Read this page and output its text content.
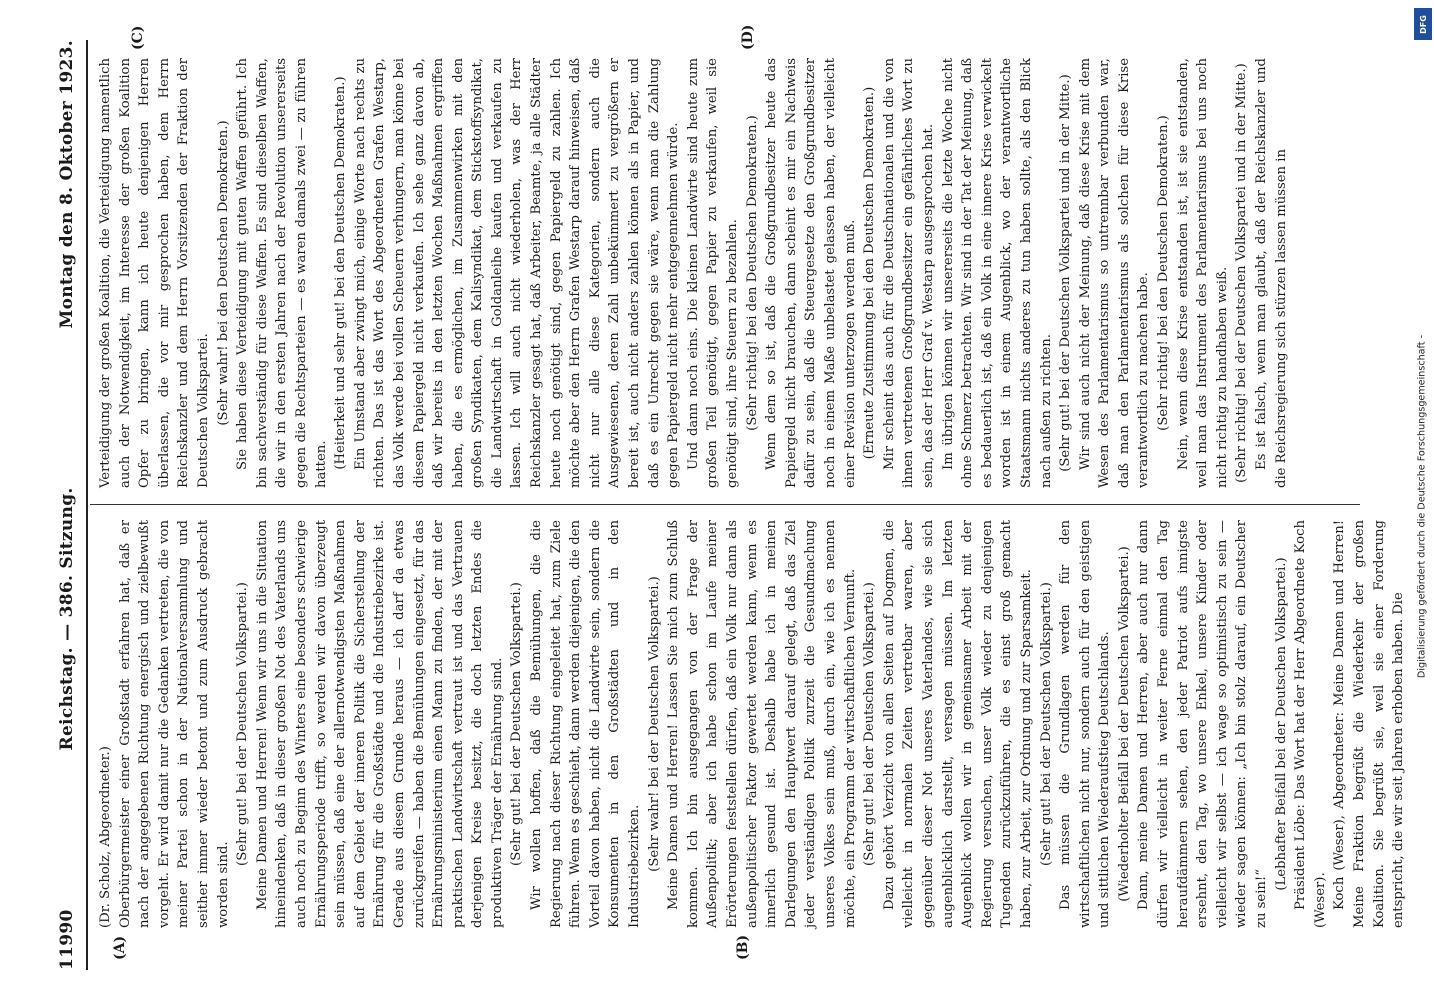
11990
Reichstag. — 386. Sitzung.
Montag den 8. Oktober 1923.
(A)	(B)
(C)	(D)

(Dr. Scholz, Abgeordneter.) Oberbürgermeister einer Großstadt erfahren hat, daß er nach der angegebenen Richtung energisch und zielbewußt vorgeht. Er wird damit nur die Gedanken vertreten, die von meiner Partei schon in der Nationalversammlung und seither immer wieder betont und zum Ausdruck gebracht worden sind.

(Sehr gut! bei der Deutschen Volkspartei.) Meine Damen und Herren! Wenn wir uns in die Situation hineindenken, daß in dieser großen Not des Vaterlands uns auch noch zu Beginn des Winters eine besonders schwierige Ernährungsperiode trifft, so werden wir davon überzeugt sein müssen, daß eine der allernotwendigsten Maßnahmen auf dem Gebiet der inneren Politik die Sicherstellung der Ernährung für die Großstädte und die Industriebezirke ist. Gerade aus diesem Grunde heraus — ich darf da etwas zurückgreifen — haben die Bemühungen eingesetzt, für das Ernährungsministerium einen Mann zu finden, der mit der praktischen Landwirtschaft vertraut ist und das Vertrauen derjenigen Kreise besitzt, die doch letzten Endes die produktiven Träger der Ernährung sind. (Sehr gut! bei der Deutschen Volkspartei.) Wir wollen hoffen, daß die Bemühungen, die die Regierung nach dieser Richtung eingeleitet hat, zum Ziele führen. Wenn es geschieht, dann werden diejenigen, die den Vorteil davon haben, nicht die Landwirte sein, sondern die Konsumenten in den Großstädten und in den Industriebezirken. (Sehr wahr! bei der Deutschen Volkspartei.) Meine Damen und Herren! Lassen Sie mich zum Schluß kommen. Ich bin ausgegangen von der Frage der Außenpolitik; aber ich habe schon im Laufe meiner Erörterungen feststellen dürfen, daß ein Volk nur dann als außenpolitischer Faktor gewertet werden kann, wenn es innerlich gesund ist. Deshalb habe ich in meinen Darlegungen den Hauptwert darauf gelegt, daß das Ziel jeder verständigen Politik zurzeit die Gesundmachung unseres Volkes sein muß, durch ein, wie ich es nennen möchte, ein Programm der wirtschaftlichen Vernunft. (Sehr gut! bei der Deutschen Volkspartei.) Dazu gehört Verzicht von allen Seiten auf Dogmen, die vielleicht in normalen Zeiten vertretbar waren, aber gegenüber dieser Not unseres Vaterlandes, wie sie sich augenblicklich darstellt, versagen müssen. Im letzten Augenblick wollen wir in gemeinsamer Arbeit mit der Regierung versuchen, unser Volk wieder zu denjenigen Tugenden zurückzuführen, die es einst groß gemacht haben, zur Arbeit, zur Ordnung und zur Sparsamkeit. (Sehr gut! bei der Deutschen Volkspartei.) Das müssen die Grundlagen werden für den wirtschaftlichen nicht nur, sondern auch für den geistigen und sittlichen Wiederaufstieg Deutschlands. (Wiederholter Beifall bei der Deutschen Volkspartei.) Dann, meine Damen und Herren, aber auch nur dann dürfen wir vielleicht in weiter Ferne einmal den Tag heraufdämmern sehen, den jeder Patriot aufs innigste ersehnt, den Tag, wo unsere Enkel, unsere Kinder oder vielleicht wir selbst — ich wage so optimistisch zu sein — wieder sagen können: „Ich bin stolz darauf, ein Deutscher zu sein!“

(Lebhafter Beifall bei der Deutschen Volkspartei.) Präsident Löbe: Das Wort hat der Herr Abgeordnete Koch (Weser). Koch (Weser), Abgeordneter: Meine Damen und Herren! Meine Fraktion begrüßt die Wiederkehr der großen Koalition. Sie begrüßt sie, weil sie einer Forderung entspricht, die wir seit Jahren erhoben haben. Die

Verteidigung der großen Koalition, die Verteidigung namentlich auch der Notwendigkeit, im Interesse der großen Koalition Opfer zu bringen, kann ich heute denjenigen Herren überlassen, die vor mir gesprochen haben, dem Herrn Reichskanzler und dem Herrn Vorsitzenden der Fraktion der Deutschen Volkspartei. (Sehr wahr! bei den Deutschen Demokraten.) Sie haben diese Verteidigung mit guten Waffen geführt. Ich bin sachverständig für diese Waffen. Es sind dieselben Waffen, die wir in den ersten Jahren nach der Revolution unsererseits gegen die Rechtsparteien — es waren damals zwei — zu führen hatten. (Heiterkeit und sehr gut! bei den Deutschen Demokraten.) Ein Umstand aber zwingt mich, einige Worte nach rechts zu richten. Das ist das Wort des Abgeordneten Grafen Westarp, das Volk werde bei vollen Scheuern verhungern, man könne bei diesem Papiergeld nicht verkaufen. Ich sehe ganz davon ab, daß wir bereits in den letzten Wochen Maßnahmen ergriffen haben, die es ermöglichen, im Zusammenwirken mit den großen Syndikaten, dem Kalisyndikat, dem Stickstoffsyndikat, die Landwirtschaft in Goldanleihe kaufen und verkaufen zu lassen. Ich will auch nicht wiederholen, was der Herr Reichskanzler gesagt hat, daß Arbeiter, Beamte, ja alle Städter heute noch genötigt sind, gegen Papiergeld zu zahlen. Ich möchte aber den Herrn Grafen Westarp darauf hinweisen, daß nicht nur alle diese Kategorien, sondern auch die Ausgewiesenen, deren Zahl unbekümmert zu vergrößern er bereit ist, auch nicht anders zahlen können als in Papier, und daß es ein Unrecht gegen sie wäre, wenn man die Zahlung gegen Papiergeld nicht mehr entgegennehmen würde. Und dann noch eins. Die kleinen Landwirte sind heute zum großen Teil genötigt, gegen Papier zu verkaufen, weil sie genötigt sind, ihre Steuern zu bezahlen. (Sehr richtig! bei den Deutschen Demokraten.) Wenn dem so ist, daß die Großgrundbesitzer heute das Papiergeld nicht brauchen, dann scheint es mir ein Nachweis dafür zu sein, daß die Steuergesetze den Großgrundbesitzer noch in einem Maße unbelastet gelassen haben, der vielleicht einer Revision unterzogen werden muß. (Erneute Zustimmung bei den Deutschen Demokraten.) Mir scheint das auch für die Deutschnationalen und die von ihnen vertretenen Großgrundbesitzer ein gefährliches Wort zu sein, das der Herr Graf v. Westarp ausgesprochen hat. Im übrigen können wir unsererseits die letzte Woche nicht ohne Schmerz betrachten. Wir sind in der Tat der Meinung, daß es bedauerlich ist, daß ein Volk in eine innere Krise verwickelt worden ist in einem Augenblick, wo der verantwortliche Staatsmann nichts anderes zu tun haben sollte, als den Blick nach außen zu richten. (Sehr gut! bei der Deutschen Volkspartei und in der Mitte.) Wir sind auch nicht der Meinung, daß diese Krise mit dem Wesen des Parlamentarismus so untrennbar verbunden war, daß man den Parlamentarismus als solchen für diese Krise verantwortlich zu machen habe. (Sehr richtig! bei den Deutschen Demokraten.) Nein, wenn diese Krise entstanden ist, ist sie entstanden, weil man das Instrument des Parlamentarismus bei uns noch nicht richtig zu handhaben weiß. (Sehr richtig! bei der Deutschen Volkspartei und in der Mitte.) Es ist falsch, wenn man glaubt, daß der Reichskanzler und die Reichsregierung sich stürzen lassen müssen in

DFG
Digitalisierung gefördert durch die Deutsche Forschungsgemeinschaft -
